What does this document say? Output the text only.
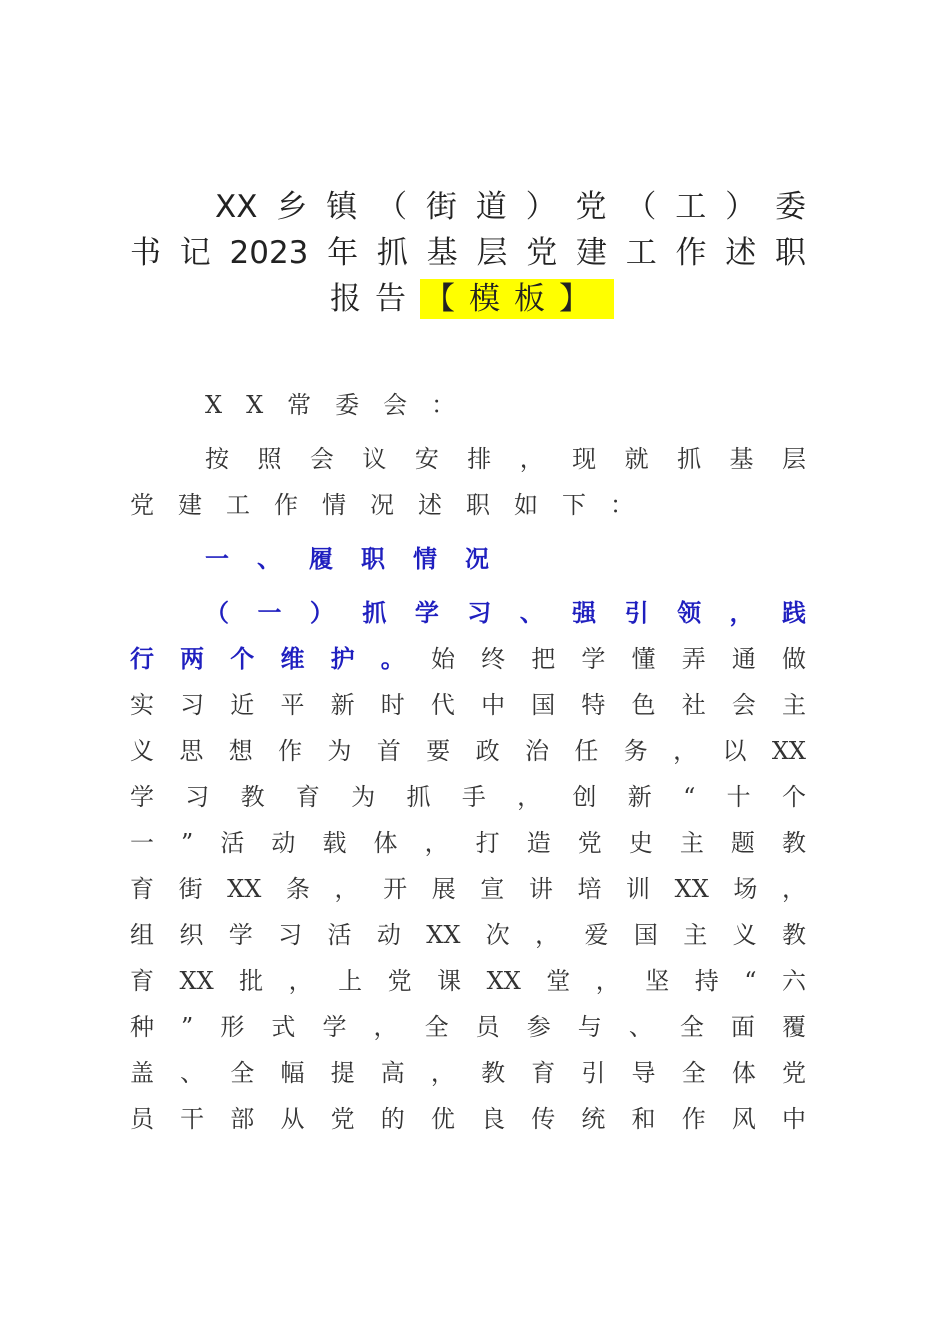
XX乡镇（街道）党（工）委
书记2023年抓基层党建工作述职
报告 【模板】
XX常委会：
按照会议安排，现就抓基层
党建工作情况述职如下：
一、履职情况
（一）抓学习、强引领，践
行两个维护。始终把学懂弄通做
实习近平新时代中国特色社会主
义思想作为首要政治任务，以XX
学习教育为抓手，创新“十个
一”活动载体，打造党史主题教
育街XX条，开展宣讲培训XX场，
组织学习活动XX次，爱国主义教
育XX批，上党课XX堂，坚持“六
种”形式学，全员参与、全面覆
盖、全幅提高，教育引导全体党
员干部从党的优良传统和作风中
